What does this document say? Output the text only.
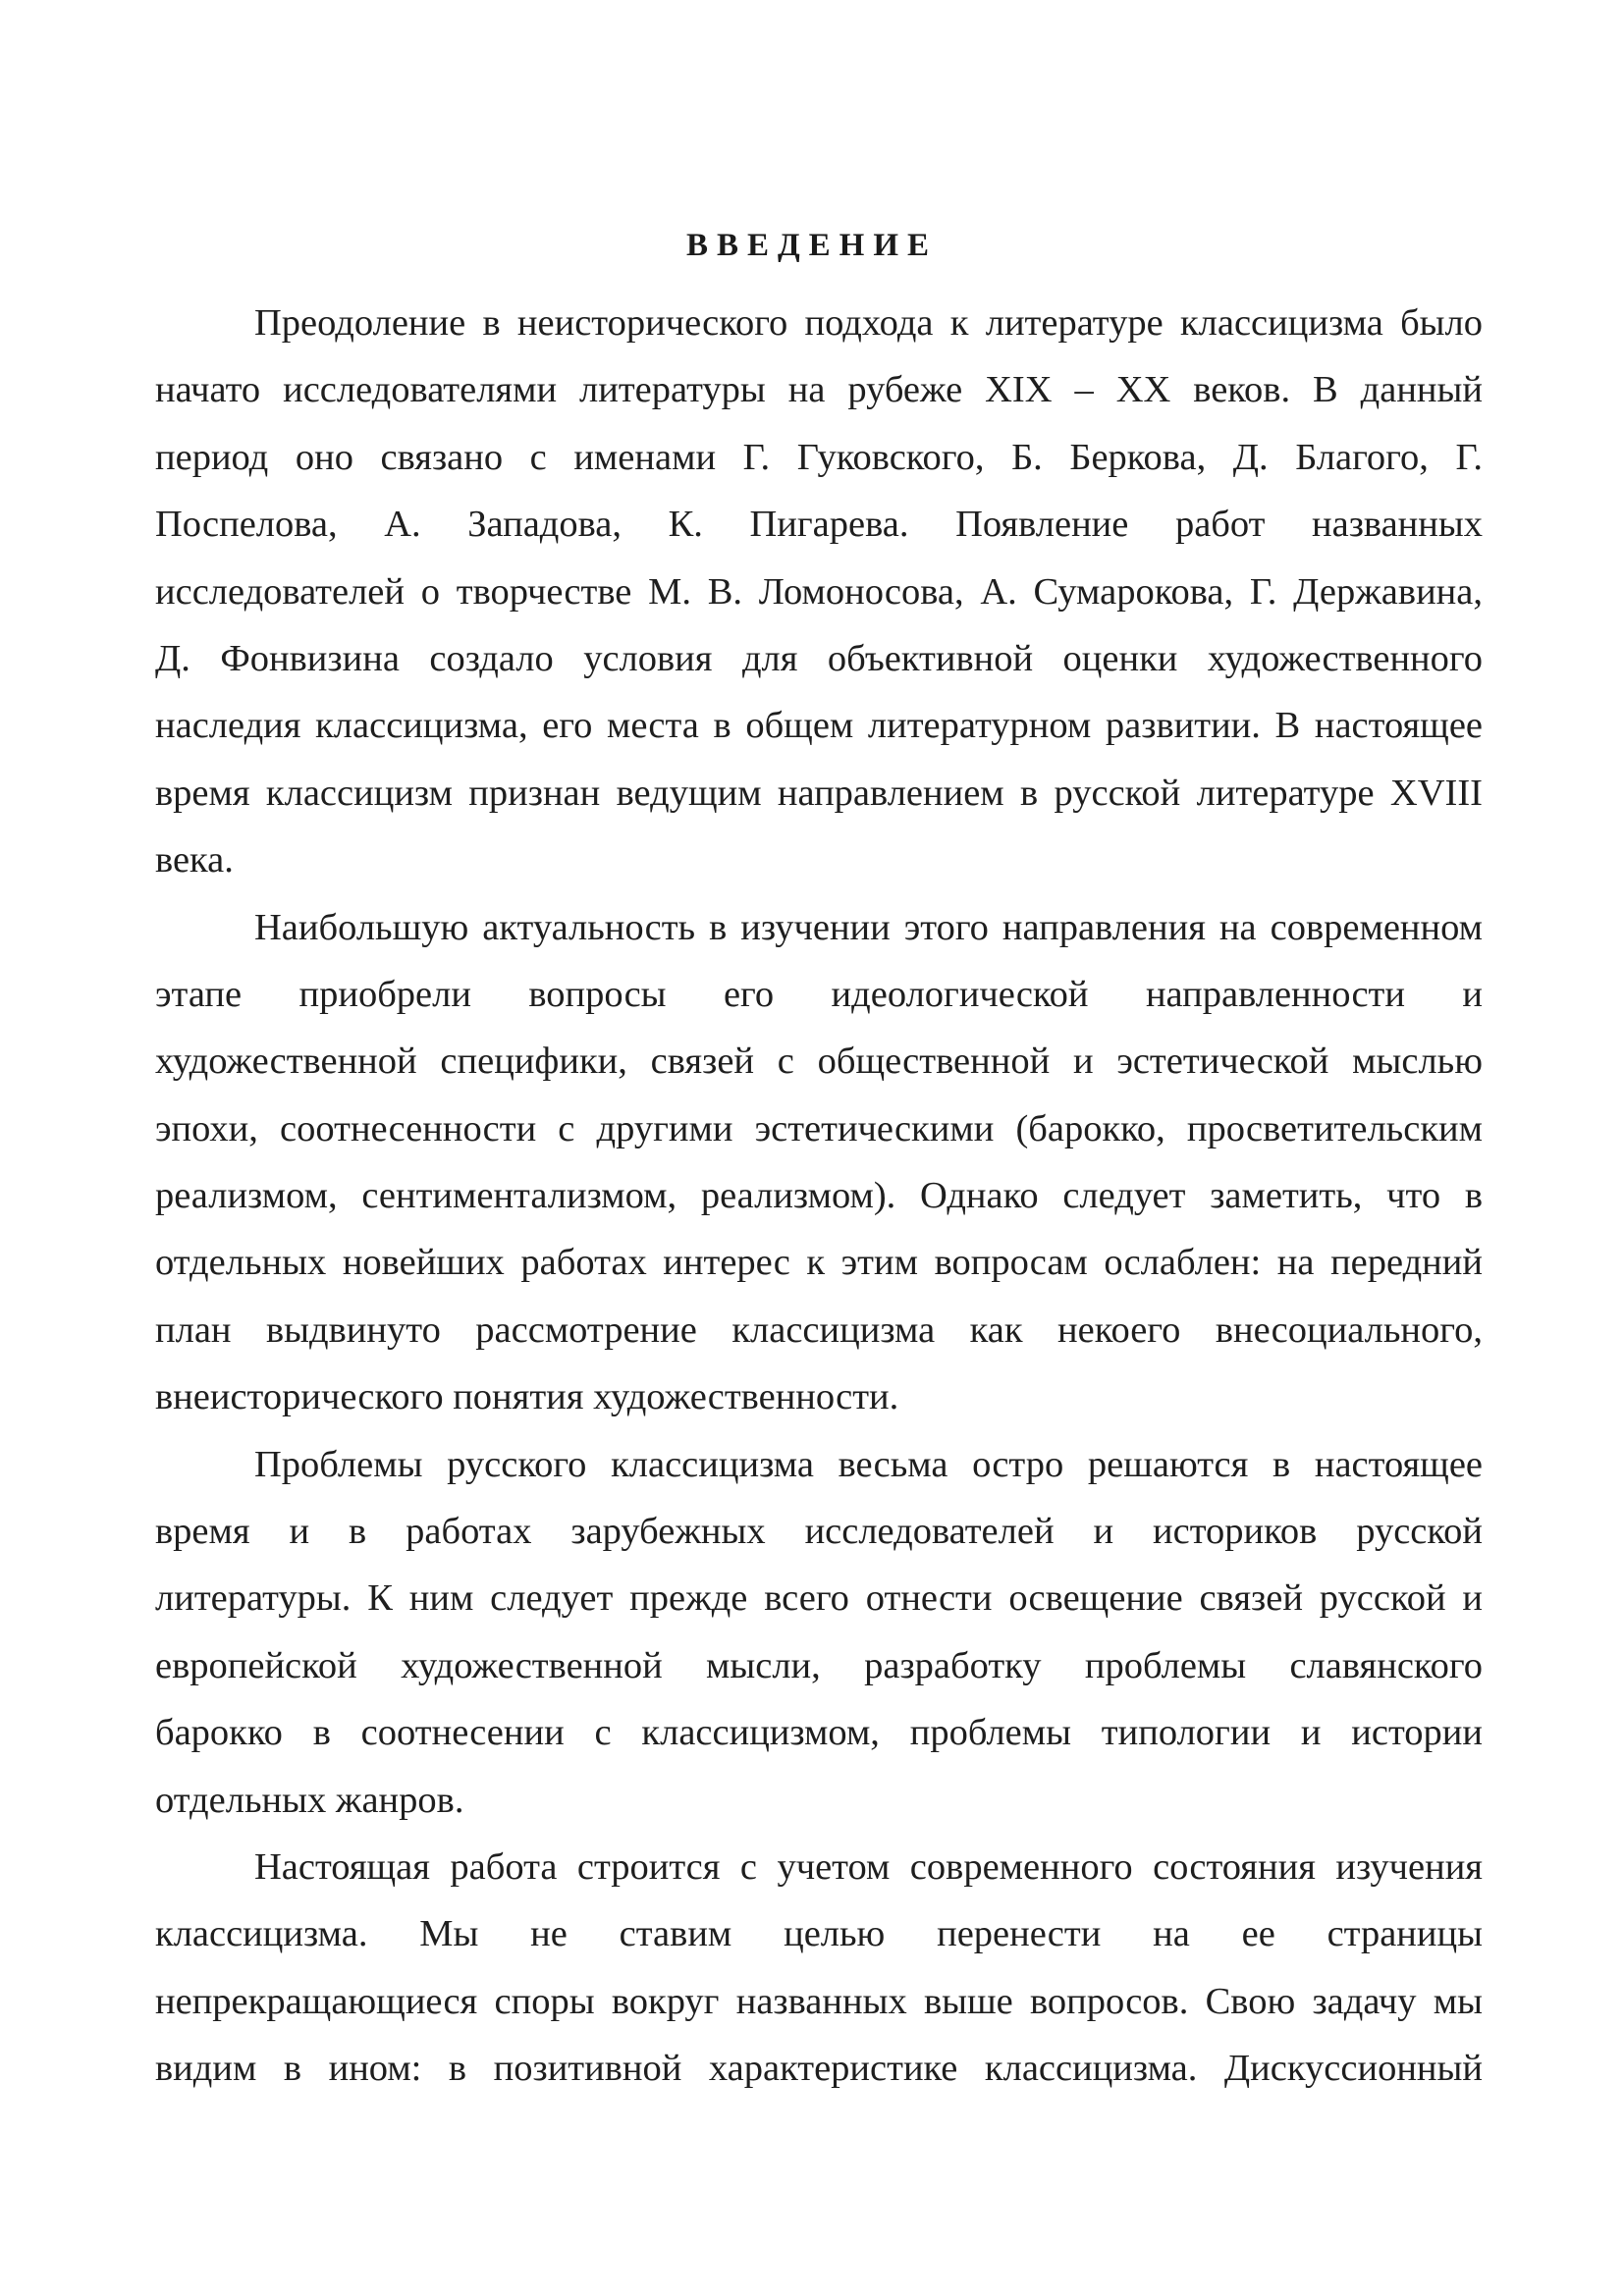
ВВЕДЕНИЕ
Преодоление в неисторического подхода к литературе классицизма было
начато исследователями литературы на рубеже XIX – XX веков. В данный
период оно связано с именами Г. Гуковского, Б. Беркова, Д. Благого, Г.
Поспелова, А. Западова, К. Пигарева. Появление работ названных
исследователей о творчестве М. В. Ломоносова, А. Сумарокова, Г. Державина,
Д. Фонвизина создало условия для объективной оценки художественного
наследия классицизма, его места в общем литературном развитии. В настоящее
время классицизм признан ведущим направлением в русской литературе XVIII
века.
Наибольшую актуальность в изучении этого направления на современном
этапе приобрели вопросы его идеологической направленности и
художественной специфики, связей с общественной и эстетической мыслью
эпохи, соотнесенности с другими эстетическими (барокко, просветительским
реализмом, сентиментализмом, реализмом). Однако следует заметить, что в
отдельных новейших работах интерес к этим вопросам ослаблен: на передний
план выдвинуто рассмотрение классицизма как некоего внесоциального,
внеисторического понятия художественности.
Проблемы русского классицизма весьма остро решаются в настоящее
время и в работах зарубежных исследователей и историков русской
литературы. К ним следует прежде всего отнести освещение связей русской и
европейской художественной мысли, разработку проблемы славянского
барокко в соотнесении с классицизмом, проблемы типологии и истории
отдельных жанров.
Настоящая работа строится с учетом современного состояния изучения
классицизма. Мы не ставим целью перенести на ее страницы
непрекращающиеся споры вокруг названных выше вопросов. Свою задачу мы
видим в ином: в позитивной характеристике классицизма. Дискуссионный
